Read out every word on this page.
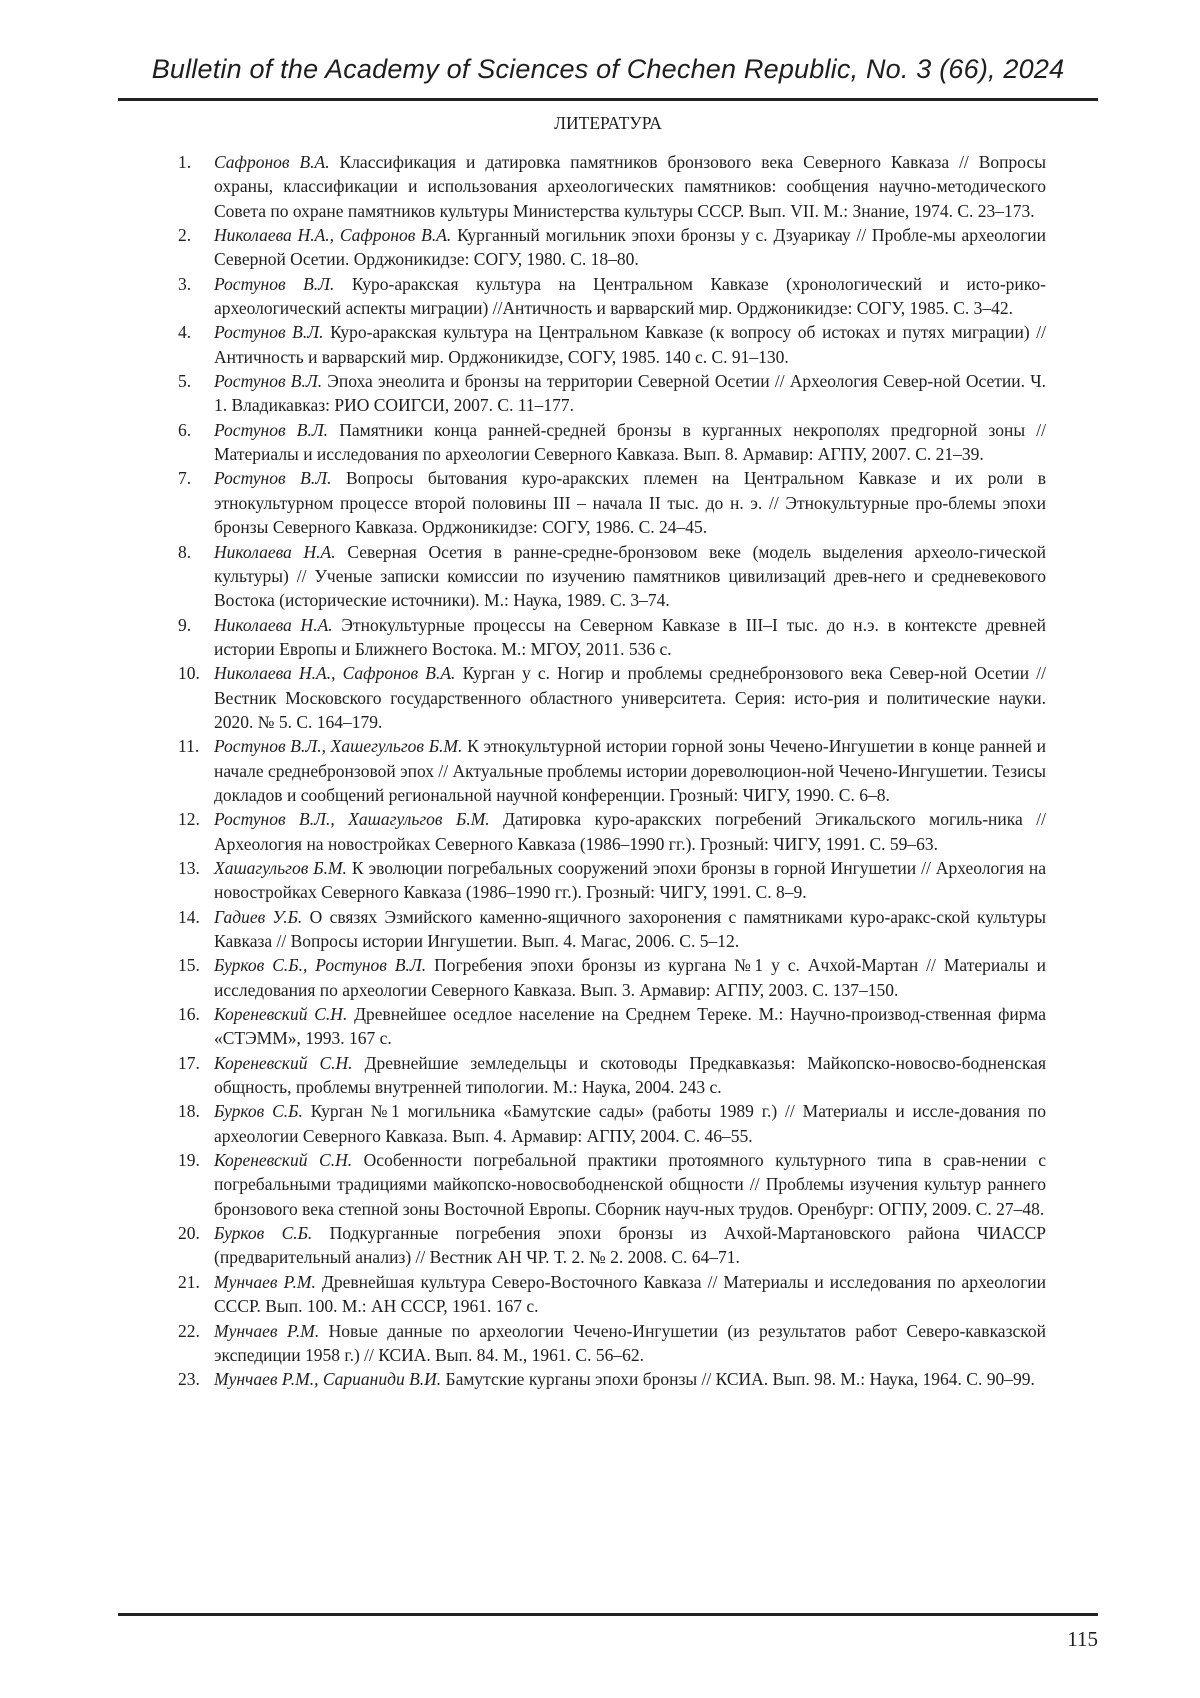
Bulletin of the Academy of Sciences of Chechen Republic, No. 3 (66), 2024
ЛИТЕРАТУРА
1. Сафронов В.А. Классификация и датировка памятников бронзового века Северного Кавказа // Вопросы охраны, классификации и использования археологических памятников: сообщения научно-методического Совета по охране памятников культуры Министерства культуры СССР. Вып. VII. М.: Знание, 1974. С. 23–173.
2. Николаева Н.А., Сафронов В.А. Курганный могильник эпохи бронзы у с. Дзуарикау // Пробле-мы археологии Северной Осетии. Орджоникидзе: СОГУ, 1980. С. 18–80.
3. Ростунов В.Л. Куро-аракская культура на Центральном Кавказе (хронологический и исто-рико-археологический аспекты миграции) //Античность и варварский мир. Орджоникидзе: СОГУ, 1985. С. 3–42.
4. Ростунов В.Л. Куро-аракская культура на Центральном Кавказе (к вопросу об истоках и путях миграции) // Античность и варварский мир. Орджоникидзе, СОГУ, 1985. 140 с. С. 91–130.
5. Ростунов В.Л. Эпоха энеолита и бронзы на территории Северной Осетии // Археология Север-ной Осетии. Ч. 1. Владикавказ: РИО СОИГСИ, 2007. С. 11–177.
6. Ростунов В.Л. Памятники конца ранней-средней бронзы в курганных некрополях предгорной зоны // Материалы и исследования по археологии Северного Кавказа. Вып. 8. Армавир: АГПУ, 2007. С. 21–39.
7. Ростунов В.Л. Вопросы бытования куро-аракских племен на Центральном Кавказе и их роли в этнокультурном процессе второй половины III – начала II тыс. до н. э. // Этнокультурные про-блемы эпохи бронзы Северного Кавказа. Орджоникидзе: СОГУ, 1986. С. 24–45.
8. Николаева Н.А. Северная Осетия в ранне-средне-бронзовом веке (модель выделения археоло-гической культуры) // Ученые записки комиссии по изучению памятников цивилизаций древ-него и средневекового Востока (исторические источники). М.: Наука, 1989. С. 3–74.
9. Николаева Н.А. Этнокультурные процессы на Северном Кавказе в III–I тыс. до н.э. в контексте древней истории Европы и Ближнего Востока. М.: МГОУ, 2011. 536 с.
10. Николаева Н.А., Сафронов В.А. Курган у с. Ногир и проблемы среднебронзового века Север-ной Осетии // Вестник Московского государственного областного университета. Серия: исто-рия и политические науки. 2020. № 5. С. 164–179.
11. Ростунов В.Л., Хашегульгов Б.М. К этнокультурной истории горной зоны Чечено-Ингушетии в конце ранней и начале среднебронзовой эпох // Актуальные проблемы истории дореволюцион-ной Чечено-Ингушетии. Тезисы докладов и сообщений региональной научной конференции. Грозный: ЧИГУ, 1990. С. 6–8.
12. Ростунов В.Л., Хашагульгов Б.М. Датировка куро-аракских погребений Эгикальского могиль-ника // Археология на новостройках Северного Кавказа (1986–1990 гг.). Грозный: ЧИГУ, 1991. С. 59–63.
13. Хашагульгов Б.М. К эволюции погребальных сооружений эпохи бронзы в горной Ингушетии // Археология на новостройках Северного Кавказа (1986–1990 гг.). Грозный: ЧИГУ, 1991. С. 8–9.
14. Гадиев У.Б. О связях Эзмийского каменно-ящичного захоронения с памятниками куро-аракс-ской культуры Кавказа // Вопросы истории Ингушетии. Вып. 4. Магас, 2006. С. 5–12.
15. Бурков С.Б., Ростунов В.Л. Погребения эпохи бронзы из кургана №1 у с. Ачхой-Мартан // Материалы и исследования по археологии Северного Кавказа. Вып. 3. Армавир: АГПУ, 2003. С. 137–150.
16. Кореневский С.Н. Древнейшее оседлое население на Среднем Тереке. М.: Научно-производ-ственная фирма «СТЭММ», 1993. 167 с.
17. Кореневский С.Н. Древнейшие земледельцы и скотоводы Предкавказья: Майкопско-новосво-бодненская общность, проблемы внутренней типологии. М.: Наука, 2004. 243 с.
18. Бурков С.Б. Курган №1 могильника «Бамутские сады» (работы 1989 г.) // Материалы и иссле-дования по археологии Северного Кавказа. Вып. 4. Армавир: АГПУ, 2004. С. 46–55.
19. Кореневский С.Н. Особенности погребальной практики протоямного культурного типа в срав-нении с погребальными традициями майкопско-новосвободненской общности // Проблемы изучения культур раннего бронзового века степной зоны Восточной Европы. Сборник науч-ных трудов. Оренбург: ОГПУ, 2009. С. 27–48.
20. Бурков С.Б. Подкурганные погребения эпохи бронзы из Ачхой-Мартановского района ЧИАССР (предварительный анализ) // Вестник АН ЧР. Т. 2. № 2. 2008. С. 64–71.
21. Мунчаев Р.М. Древнейшая культура Северо-Восточного Кавказа // Материалы и исследования по археологии СССР. Вып. 100. М.: АН СССР, 1961. 167 с.
22. Мунчаев Р.М. Новые данные по археологии Чечено-Ингушетии (из результатов работ Северо-кавказской экспедиции 1958 г.) // КСИА. Вып. 84. М., 1961. С. 56–62.
23. Мунчаев Р.М., Сарианиди В.И. Бамутские курганы эпохи бронзы // КСИА. Вып. 98. М.: Наука, 1964. С. 90–99.
115
